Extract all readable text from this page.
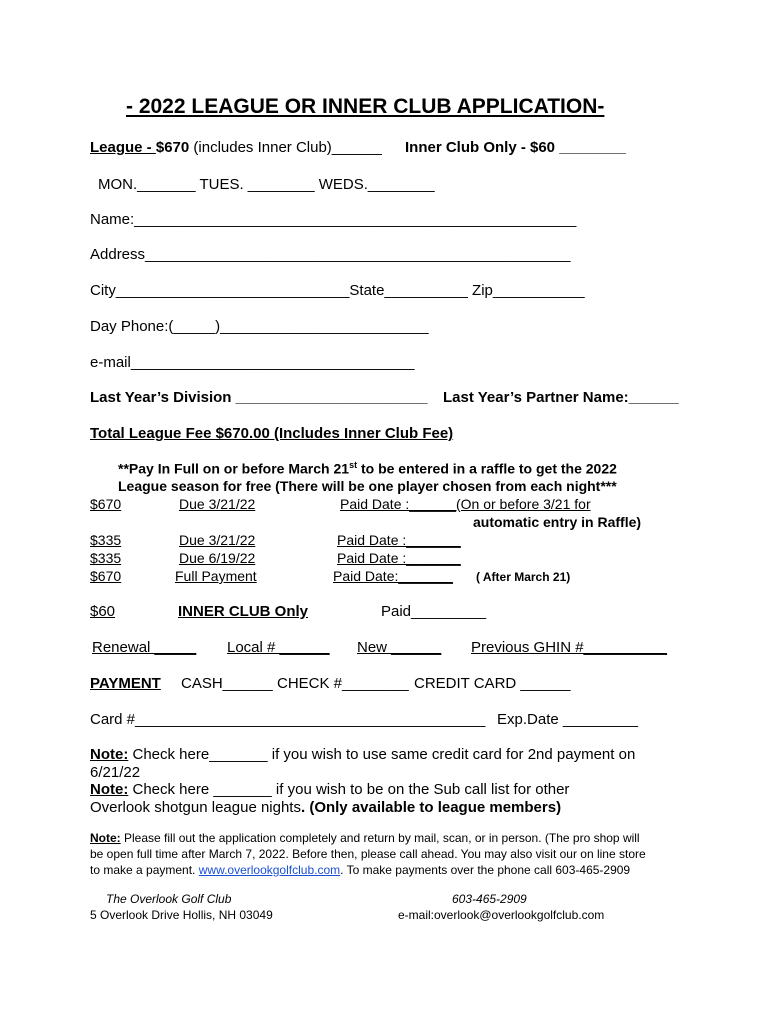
- 2022 LEAGUE OR INNER CLUB APPLICATION-
League - $670 (includes Inner Club)______ Inner Club Only - $60 ________
MON._______ TUES. ________ WEDS.________
Name:_____________________________________________________
Address___________________________________________________
City____________________________State__________ Zip___________
Day Phone:(_____)_________________________
e-mail__________________________________
Last Year’s Division _______________________ Last Year’s Partner Name:______
Total League Fee $670.00 (Includes Inner Club Fee)
**Pay In Full on or before March 21st to be entered in a raffle to get the 2022
League season for free (There will be one player chosen from each night***
$670	Due 3/21/22	Paid Date :______(On or before 3/21 for
automatic entry in Raffle)
$335	Due 3/21/22	Paid Date :_______
$335	Due 6/19/22	Paid Date :_______
$670	Full Payment	Paid Date:_______ ( After March 21)
$60	INNER CLUB Only	Paid_________
Renewal _____ Local # ______ New ______ Previous GHIN #__________
PAYMENT CASH______ CHECK #________ CREDIT CARD ______
Card #__________________________________________ Exp.Date _________
Note: Check here_______ if you wish to use same credit card for 2nd payment on
6/21/22
Note: Check here _______ if you wish to be on the Sub call list for other
Overlook shotgun league nights. (Only available to league members)
Note: Please fill out the application completely and return by mail, scan, or in person. (The pro shop will
be open full time after March 7, 2022. Before then, please call ahead. You may also visit our on line store
to make a payment. www.overlookgolfclub.com. To make payments over the phone call 603-465-2909
The Overlook Golf Club
5 Overlook Drive Hollis, NH 03049
603-465-2909
e-mail:overlook@overlookgolfclub.com
